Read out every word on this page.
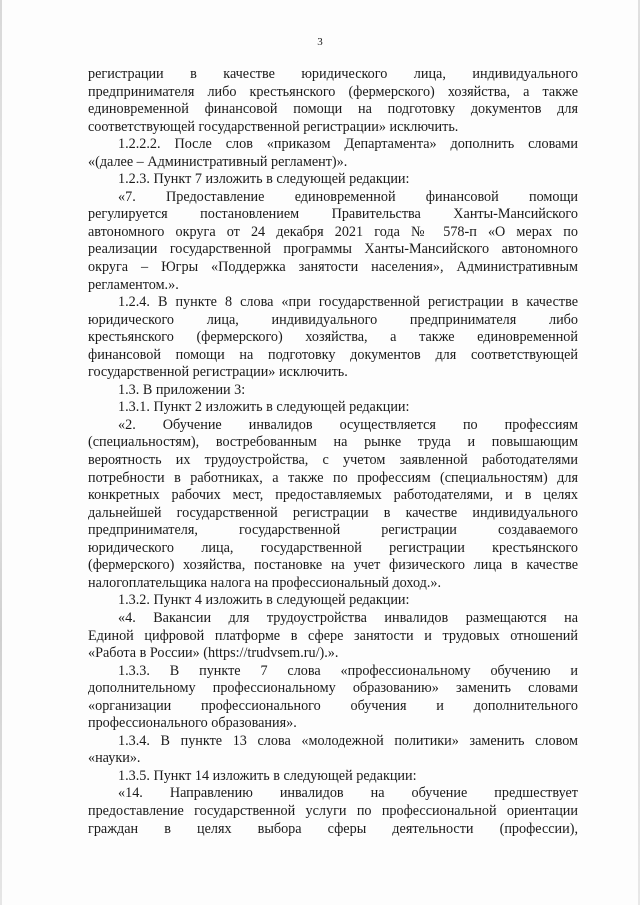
3
регистрации в качестве юридического лица, индивидуального
предпринимателя либо крестьянского (фермерского) хозяйства, а также
единовременной финансовой помощи на подготовку документов для
соответствующей государственной регистрации» исключить.
1.2.2.2. После слов «приказом Департамента» дополнить словами
«(далее – Административный регламент)».
1.2.3. Пункт 7 изложить в следующей редакции:
«7. Предоставление единовременной финансовой помощи
регулируется постановлением Правительства Ханты-Мансийского
автономного округа от 24 декабря 2021 года № 578-п «О мерах по
реализации государственной программы Ханты-Мансийского автономного
округа – Югры «Поддержка занятости населения», Административным
регламентом.».
1.2.4. В пункте 8 слова «при государственной регистрации в качестве
юридического лица, индивидуального предпринимателя либо
крестьянского (фермерского) хозяйства, а также единовременной
финансовой помощи на подготовку документов для соответствующей
государственной регистрации» исключить.
1.3. В приложении 3:
1.3.1. Пункт 2 изложить в следующей редакции:
«2. Обучение инвалидов осуществляется по профессиям
(специальностям), востребованным на рынке труда и повышающим
вероятность их трудоустройства, с учетом заявленной работодателями
потребности в работниках, а также по профессиям (специальностям) для
конкретных рабочих мест, предоставляемых работодателями, и в целях
дальнейшей государственной регистрации в качестве индивидуального
предпринимателя, государственной регистрации создаваемого
юридического лица, государственной регистрации крестьянского
(фермерского) хозяйства, постановке на учет физического лица в качестве
налогоплательщика налога на профессиональный доход.».
1.3.2. Пункт 4 изложить в следующей редакции:
«4. Вакансии для трудоустройства инвалидов размещаются на
Единой цифровой платформе в сфере занятости и трудовых отношений
«Работа в России» (https://trudvsem.ru/).».
1.3.3. В пункте 7 слова «профессиональному обучению и
дополнительному профессиональному образованию» заменить словами
«организации профессионального обучения и дополнительного
профессионального образования».
1.3.4. В пункте 13 слова «молодежной политики» заменить словом
«науки».
1.3.5. Пункт 14 изложить в следующей редакции:
«14. Направлению инвалидов на обучение предшествует
предоставление государственной услуги по профессиональной ориентации
граждан в целях выбора сферы деятельности (профессии),
